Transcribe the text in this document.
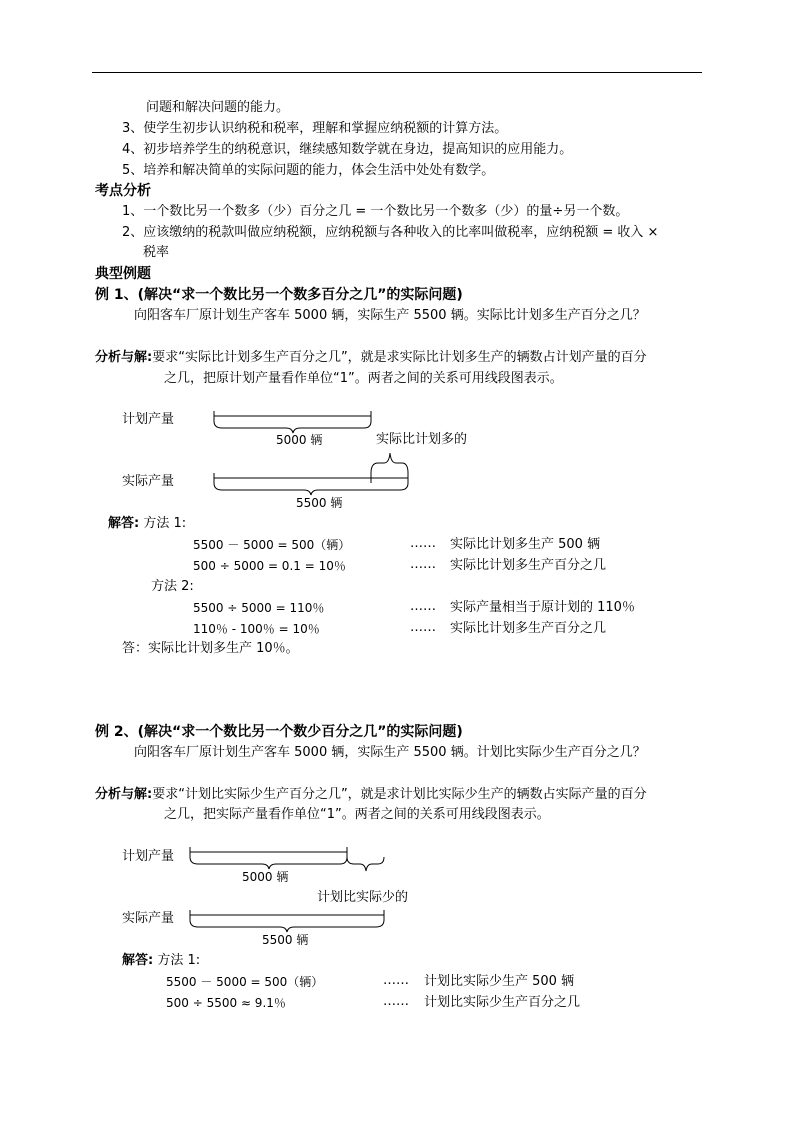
问题和解决问题的能力。
3、使学生初步认识纳税和税率，理解和掌握应纳税额的计算方法。
4、初步培养学生的纳税意识，继续感知数学就在身边，提高知识的应用能力。
5、培养和解决简单的实际问题的能力，体会生活中处处有数学。
考点分析
1、一个数比另一个数多（少）百分之几 = 一个数比另一个数多（少）的量÷另一个数。
2、应该缴纳的税款叫做应纳税额，应纳税额与各种收入的比率叫做税率，应纳税额 = 收入 ×
税率
典型例题
例 1、(解决“求一个数比另一个数多百分之几”的实际问题)
向阳客车厂原计划生产客车 5000 辆，实际生产 5500 辆。实际比计划多生产百分之几？
分析与解:要求“实际比计划多生产百分之几”，就是求实际比计划多生产的辆数占计划产量的百分
之几，把原计划产量看作单位“1”。两者之间的关系可用线段图表示。
计划产量
实际产量
5000 辆	实际比计划多的
5500 辆
解答: 方法 1:
5500 － 5000 = 500（辆）	…… 实际比计划多生产 500 辆
500 ÷ 5000 = 0.1 = 10％	…… 实际比计划多生产百分之几
方法 2:
5500 ÷ 5000 = 110％	…… 实际产量相当于原计划的 110％
110％ - 100％ = 10％	…… 实际比计划多生产百分之几
答：实际比计划多生产 10％。
例 2、(解决“求一个数比另一个数少百分之几”的实际问题)
向阳客车厂原计划生产客车 5000 辆，实际生产 5500 辆。计划比实际少生产百分之几？
分析与解:要求“计划比实际少生产百分之几”，就是求计划比实际少生产的辆数占实际产量的百分
之几，把实际产量看作单位“1”。两者之间的关系可用线段图表示。
计划产量
实际产量
5000 辆
计划比实际少的
5500 辆
解答: 方法 1:
5500 － 5000 = 500（辆）	…… 计划比实际少生产 500 辆
500 ÷ 5500 ≈ 9.1％	…… 计划比实际少生产百分之几
